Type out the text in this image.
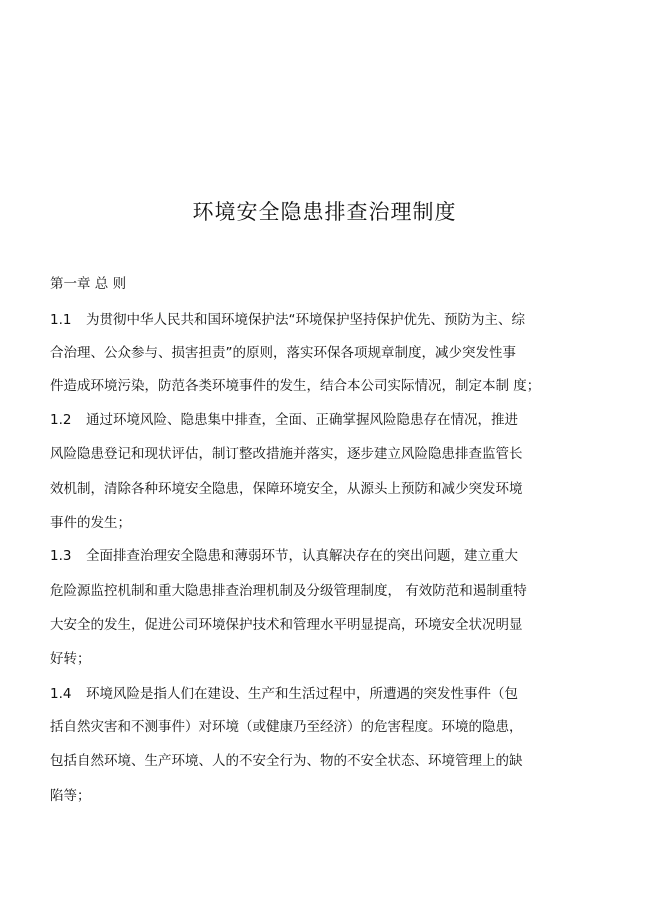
环境安全隐患排查治理制度
第一章 总 则
1.1 为贯彻中华人民共和国环境保护法“环境保护坚持保护优先、预防为主、综
合治理、公众参与、损害担责”的原则，落实环保各项规章制度，减少突发性事
件造成环境污染，防范各类环境事件的发生，结合本公司实际情况，制定本制 度；
1.2 通过环境风险、隐患集中排查，全面、正确掌握风险隐患存在情况，推进
风险隐患登记和现状评估，制订整改措施并落实，逐步建立风险隐患排查监管长
效机制，清除各种环境安全隐患，保障环境安全，从源头上预防和减少突发环境
事件的发生；
1.3 全面排查治理安全隐患和薄弱环节，认真解决存在的突出问题，建立重大
危险源监控机制和重大隐患排查治理机制及分级管理制度， 有效防范和遏制重特
大安全的发生，促进公司环境保护技术和管理水平明显提高，环境安全状况明显
好转；
1.4 环境风险是指人们在建设、生产和生活过程中，所遭遇的突发性事件（包
括自然灾害和不测事件）对环境（或健康乃至经济）的危害程度。环境的隐患，
包括自然环境、生产环境、人的不安全行为、物的不安全状态、环境管理上的缺
陷等；
